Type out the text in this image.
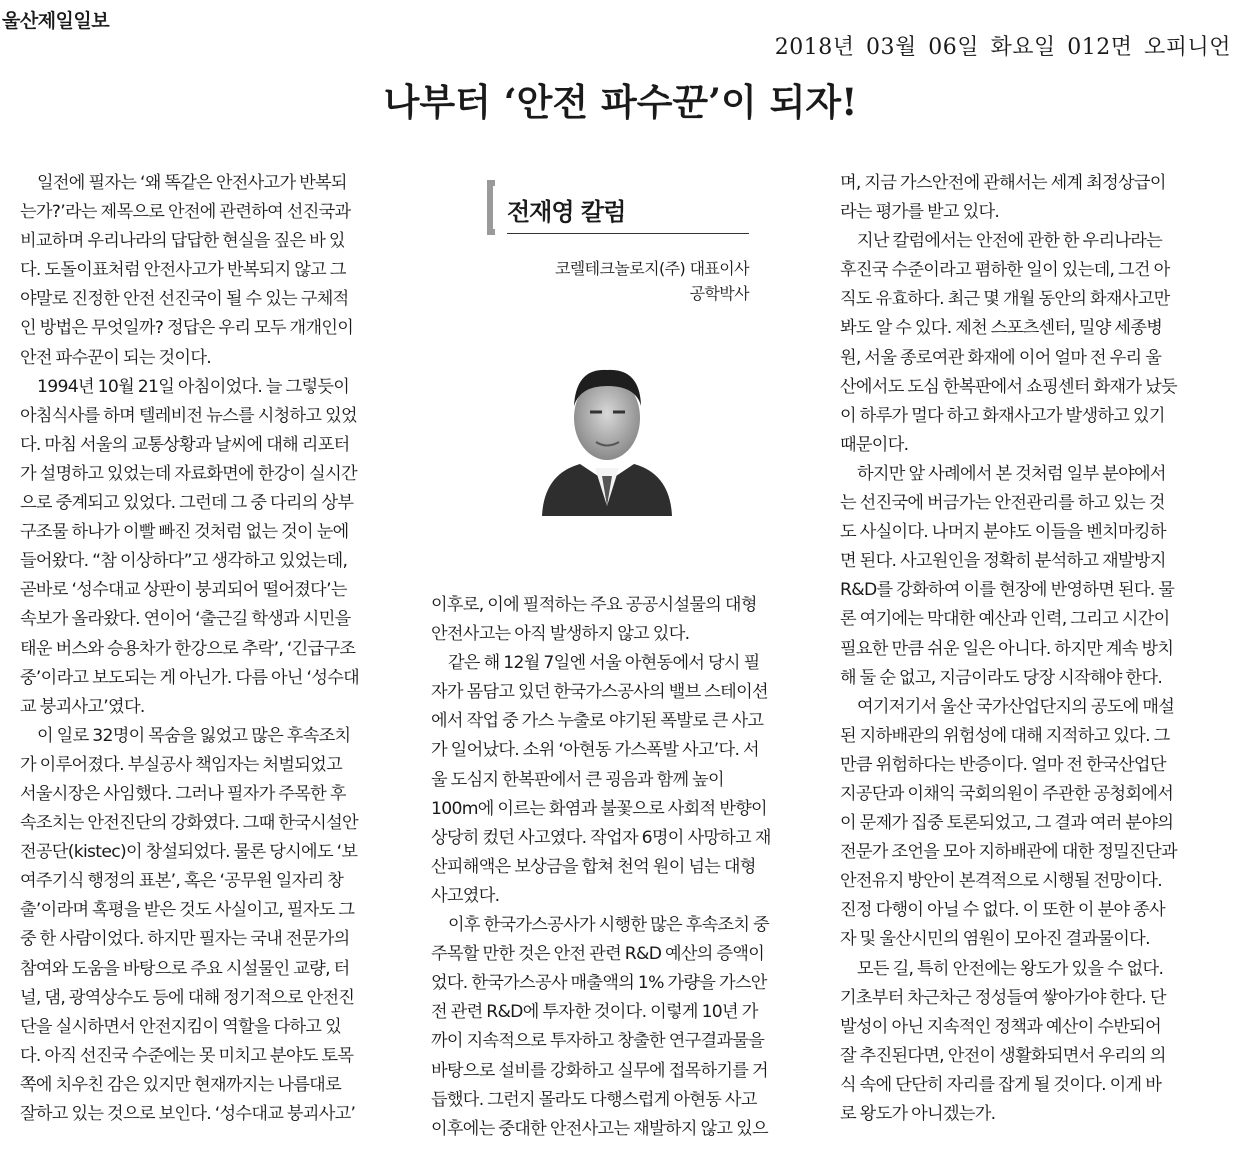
울산제일일보
2018년 03월 06일 화요일 012면 오피니언
나부터 ‘안전 파수꾼’이 되자!
전재영 칼럼
코렐테크놀로지(주) 대표이사
공학박사
일전에 필자는 ‘왜 똑같은 안전사고가 반복되
는가?’라는 제목으로 안전에 관련하여 선진국과
비교하며 우리나라의 답답한 현실을 짚은 바 있
다. 도돌이표처럼 안전사고가 반복되지 않고 그
야말로 진정한 안전 선진국이 될 수 있는 구체적
인 방법은 무엇일까? 정답은 우리 모두 개개인이
안전 파수꾼이 되는 것이다.
1994년 10월 21일 아침이었다. 늘 그렇듯이
아침식사를 하며 텔레비전 뉴스를 시청하고 있었
다. 마침 서울의 교통상황과 날씨에 대해 리포터
가 설명하고 있었는데 자료화면에 한강이 실시간
으로 중계되고 있었다. 그런데 그 중 다리의 상부
구조물 하나가 이빨 빠진 것처럼 없는 것이 눈에
들어왔다. “참 이상하다”고 생각하고 있었는데,
곧바로 ‘성수대교 상판이 붕괴되어 떨어졌다’는
속보가 올라왔다. 연이어 ‘출근길 학생과 시민을
태운 버스와 승용차가 한강으로 추락’, ‘긴급구조
중’이라고 보도되는 게 아닌가. 다름 아닌 ‘성수대
교 붕괴사고’였다.
이 일로 32명이 목숨을 잃었고 많은 후속조치
가 이루어졌다. 부실공사 책임자는 처벌되었고
서울시장은 사임했다. 그러나 필자가 주목한 후
속조치는 안전진단의 강화였다. 그때 한국시설안
전공단(kistec)이 창설되었다. 물론 당시에도 ‘보
여주기식 행정의 표본’, 혹은 ‘공무원 일자리 창
출’이라며 혹평을 받은 것도 사실이고, 필자도 그
중 한 사람이었다. 하지만 필자는 국내 전문가의
참여와 도움을 바탕으로 주요 시설물인 교량, 터
널, 댐, 광역상수도 등에 대해 정기적으로 안전진
단을 실시하면서 안전지킴이 역할을 다하고 있
다. 아직 선진국 수준에는 못 미치고 분야도 토목
쪽에 치우친 감은 있지만 현재까지는 나름대로
잘하고 있는 것으로 보인다. ‘성수대교 붕괴사고’
이후로, 이에 필적하는 주요 공공시설물의 대형
안전사고는 아직 발생하지 않고 있다.
같은 해 12월 7일엔 서울 아현동에서 당시 필
자가 몸담고 있던 한국가스공사의 밸브 스테이션
에서 작업 중 가스 누출로 야기된 폭발로 큰 사고
가 일어났다. 소위 ‘아현동 가스폭발 사고’다. 서
울 도심지 한복판에서 큰 굉음과 함께 높이
100m에 이르는 화염과 불꽃으로 사회적 반향이
상당히 컸던 사고였다. 작업자 6명이 사망하고 재
산피해액은 보상금을 합쳐 천억 원이 넘는 대형
사고였다.
이후 한국가스공사가 시행한 많은 후속조치 중
주목할 만한 것은 안전 관련 R&D 예산의 증액이
었다. 한국가스공사 매출액의 1% 가량을 가스안
전 관련 R&D에 투자한 것이다. 이렇게 10년 가
까이 지속적으로 투자하고 창출한 연구결과물을
바탕으로 설비를 강화하고 실무에 접목하기를 거
듭했다. 그런지 몰라도 다행스럽게 아현동 사고
이후에는 중대한 안전사고는 재발하지 않고 있으
며, 지금 가스안전에 관해서는 세계 최정상급이
라는 평가를 받고 있다.
지난 칼럼에서는 안전에 관한 한 우리나라는
후진국 수준이라고 폄하한 일이 있는데, 그건 아
직도 유효하다. 최근 몇 개월 동안의 화재사고만
봐도 알 수 있다. 제천 스포츠센터, 밀양 세종병
원, 서울 종로여관 화재에 이어 얼마 전 우리 울
산에서도 도심 한복판에서 쇼핑센터 화재가 났듯
이 하루가 멀다 하고 화재사고가 발생하고 있기
때문이다.
하지만 앞 사례에서 본 것처럼 일부 분야에서
는 선진국에 버금가는 안전관리를 하고 있는 것
도 사실이다. 나머지 분야도 이들을 벤치마킹하
면 된다. 사고원인을 정확히 분석하고 재발방지
R&D를 강화하여 이를 현장에 반영하면 된다. 물
론 여기에는 막대한 예산과 인력, 그리고 시간이
필요한 만큼 쉬운 일은 아니다. 하지만 계속 방치
해 둘 순 없고, 지금이라도 당장 시작해야 한다.
여기저기서 울산 국가산업단지의 공도에 매설
된 지하배관의 위험성에 대해 지적하고 있다. 그
만큼 위험하다는 반증이다. 얼마 전 한국산업단
지공단과 이채익 국회의원이 주관한 공청회에서
이 문제가 집중 토론되었고, 그 결과 여러 분야의
전문가 조언을 모아 지하배관에 대한 정밀진단과
안전유지 방안이 본격적으로 시행될 전망이다.
진정 다행이 아닐 수 없다. 이 또한 이 분야 종사
자 및 울산시민의 염원이 모아진 결과물이다.
모든 길, 특히 안전에는 왕도가 있을 수 없다.
기초부터 차근차근 정성들여 쌓아가야 한다. 단
발성이 아닌 지속적인 정책과 예산이 수반되어
잘 추진된다면, 안전이 생활화되면서 우리의 의
식 속에 단단히 자리를 잡게 될 것이다. 이게 바
로 왕도가 아니겠는가.
